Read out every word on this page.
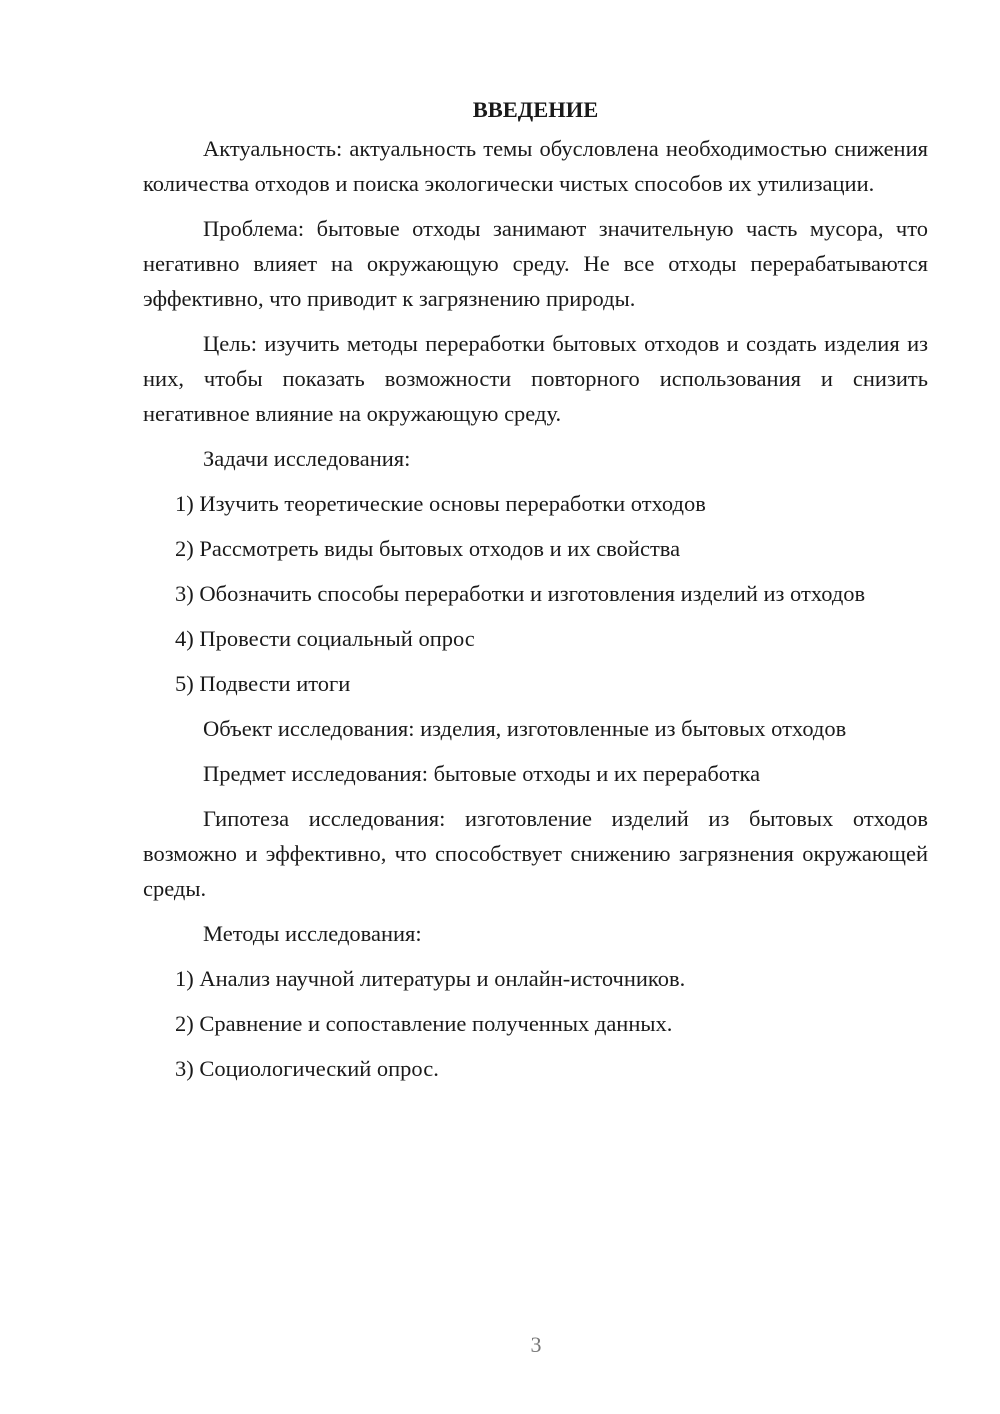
ВВЕДЕНИЕ

Актуальность: актуальность темы обусловлена необходимостью снижения количества отходов и поиска экологически чистых способов их утилизации.

Проблема: бытовые отходы занимают значительную часть мусора, что негативно влияет на окружающую среду. Не все отходы перерабатываются эффективно, что приводит к загрязнению природы.

Цель: изучить методы переработки бытовых отходов и создать изделия из них, чтобы показать возможности повторного использования и снизить негативное влияние на окружающую среду.

Задачи исследования:

1) Изучить теоретические основы переработки отходов

2) Рассмотреть виды бытовых отходов и их свойства

3) Обозначить способы переработки и изготовления изделий из отходов

4) Провести социальный опрос

5) Подвести итоги

Объект исследования: изделия, изготовленные из бытовых отходов

Предмет исследования: бытовые отходы и их переработка

Гипотеза исследования: изготовление изделий из бытовых отходов возможно и эффективно, что способствует снижению загрязнения окружающей среды.

Методы исследования:

1) Анализ научной литературы и онлайн-источников.

2) Сравнение и сопоставление полученных данных.

3) Социологический опрос.

3
